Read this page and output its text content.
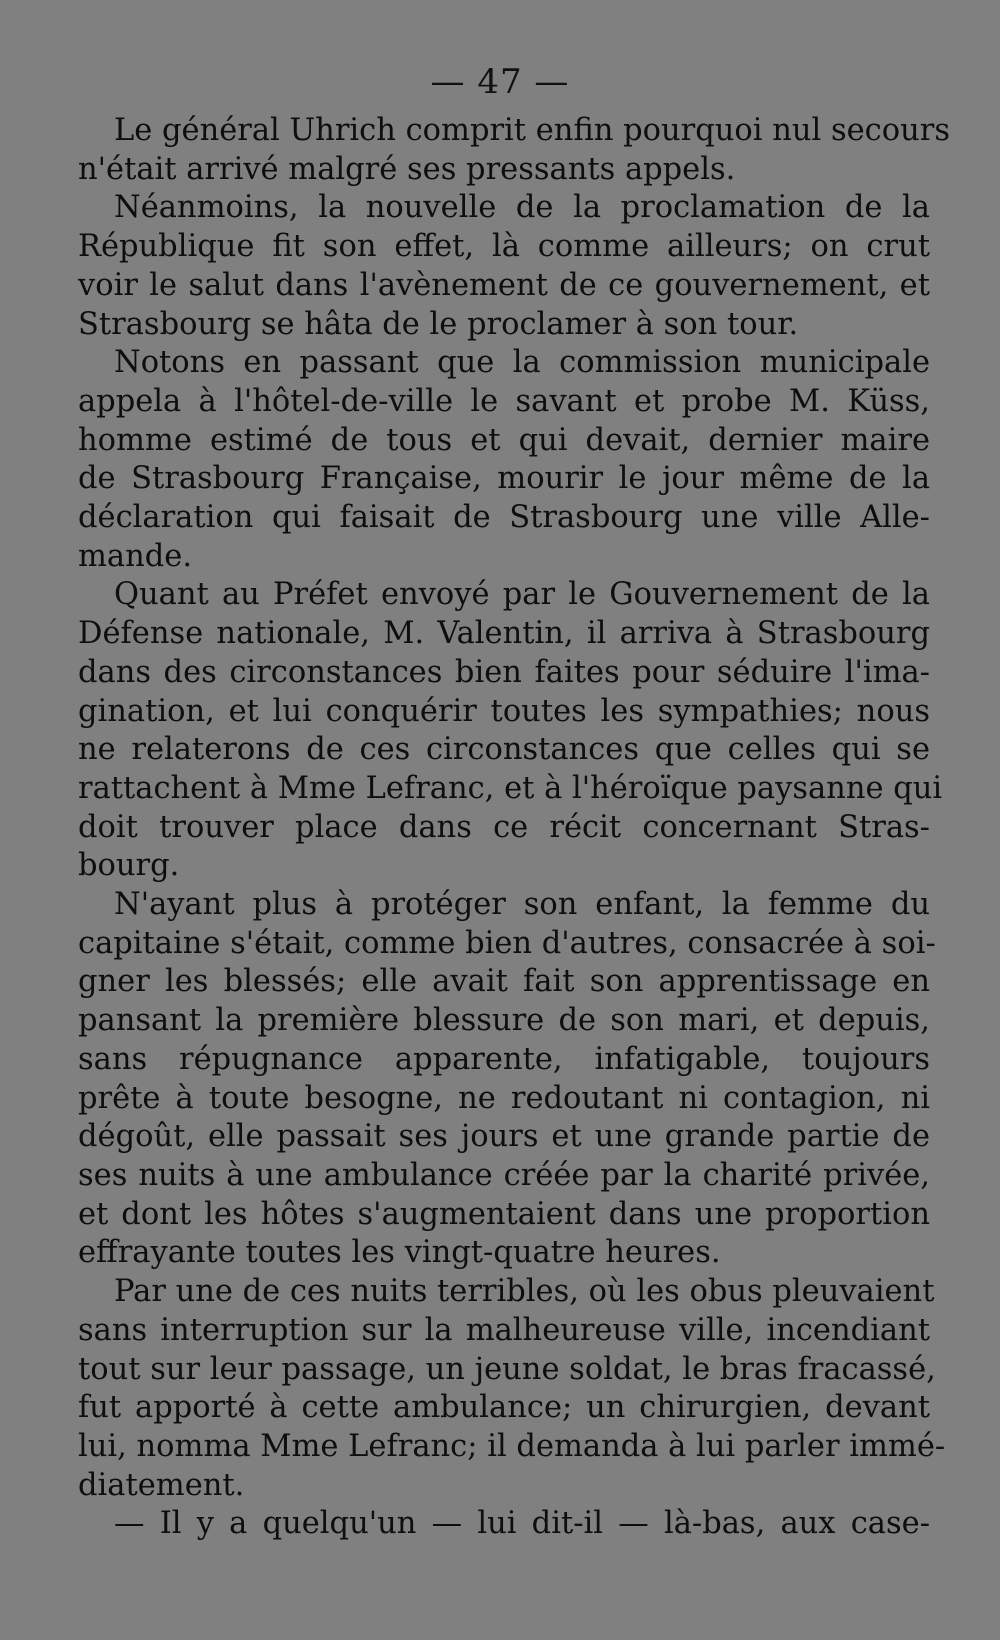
— 47 —

Le général Uhrich comprit enfin pourquoi nul secours
n'était arrivé malgré ses pressants appels.

Néanmoins, la nouvelle de la proclamation de la
République fit son effet, là comme ailleurs; on crut
voir le salut dans l'avènement de ce gouvernement, et
Strasbourg se hâta de le proclamer à son tour.

Notons en passant que la commission municipale
appela à l'hôtel-de-ville le savant et probe M. Küss,
homme estimé de tous et qui devait, dernier maire
de Strasbourg Française, mourir le jour même de la
déclaration qui faisait de Strasbourg une ville Alle-
mande.

Quant au Préfet envoyé par le Gouvernement de la
Défense nationale, M. Valentin, il arriva à Strasbourg
dans des circonstances bien faites pour séduire l'ima-
gination, et lui conquérir toutes les sympathies; nous
ne relaterons de ces circonstances que celles qui se
rattachent à Mme Lefranc, et à l'héroïque paysanne qui
doit trouver place dans ce récit concernant Stras-
bourg.

N'ayant plus à protéger son enfant, la femme du
capitaine s'était, comme bien d'autres, consacrée à soi-
gner les blessés; elle avait fait son apprentissage en
pansant la première blessure de son mari, et depuis,
sans répugnance apparente, infatigable, toujours
prête à toute besogne, ne redoutant ni contagion, ni
dégoût, elle passait ses jours et une grande partie de
ses nuits à une ambulance créée par la charité privée,
et dont les hôtes s'augmentaient dans une proportion
effrayante toutes les vingt-quatre heures.

Par une de ces nuits terribles, où les obus pleuvaient
sans interruption sur la malheureuse ville, incendiant
tout sur leur passage, un jeune soldat, le bras fracassé,
fut apporté à cette ambulance; un chirurgien, devant
lui, nomma Mme Lefranc; il demanda à lui parler immé-
diatement.

— Il y a quelqu'un — lui dit-il — là-bas, aux case-
